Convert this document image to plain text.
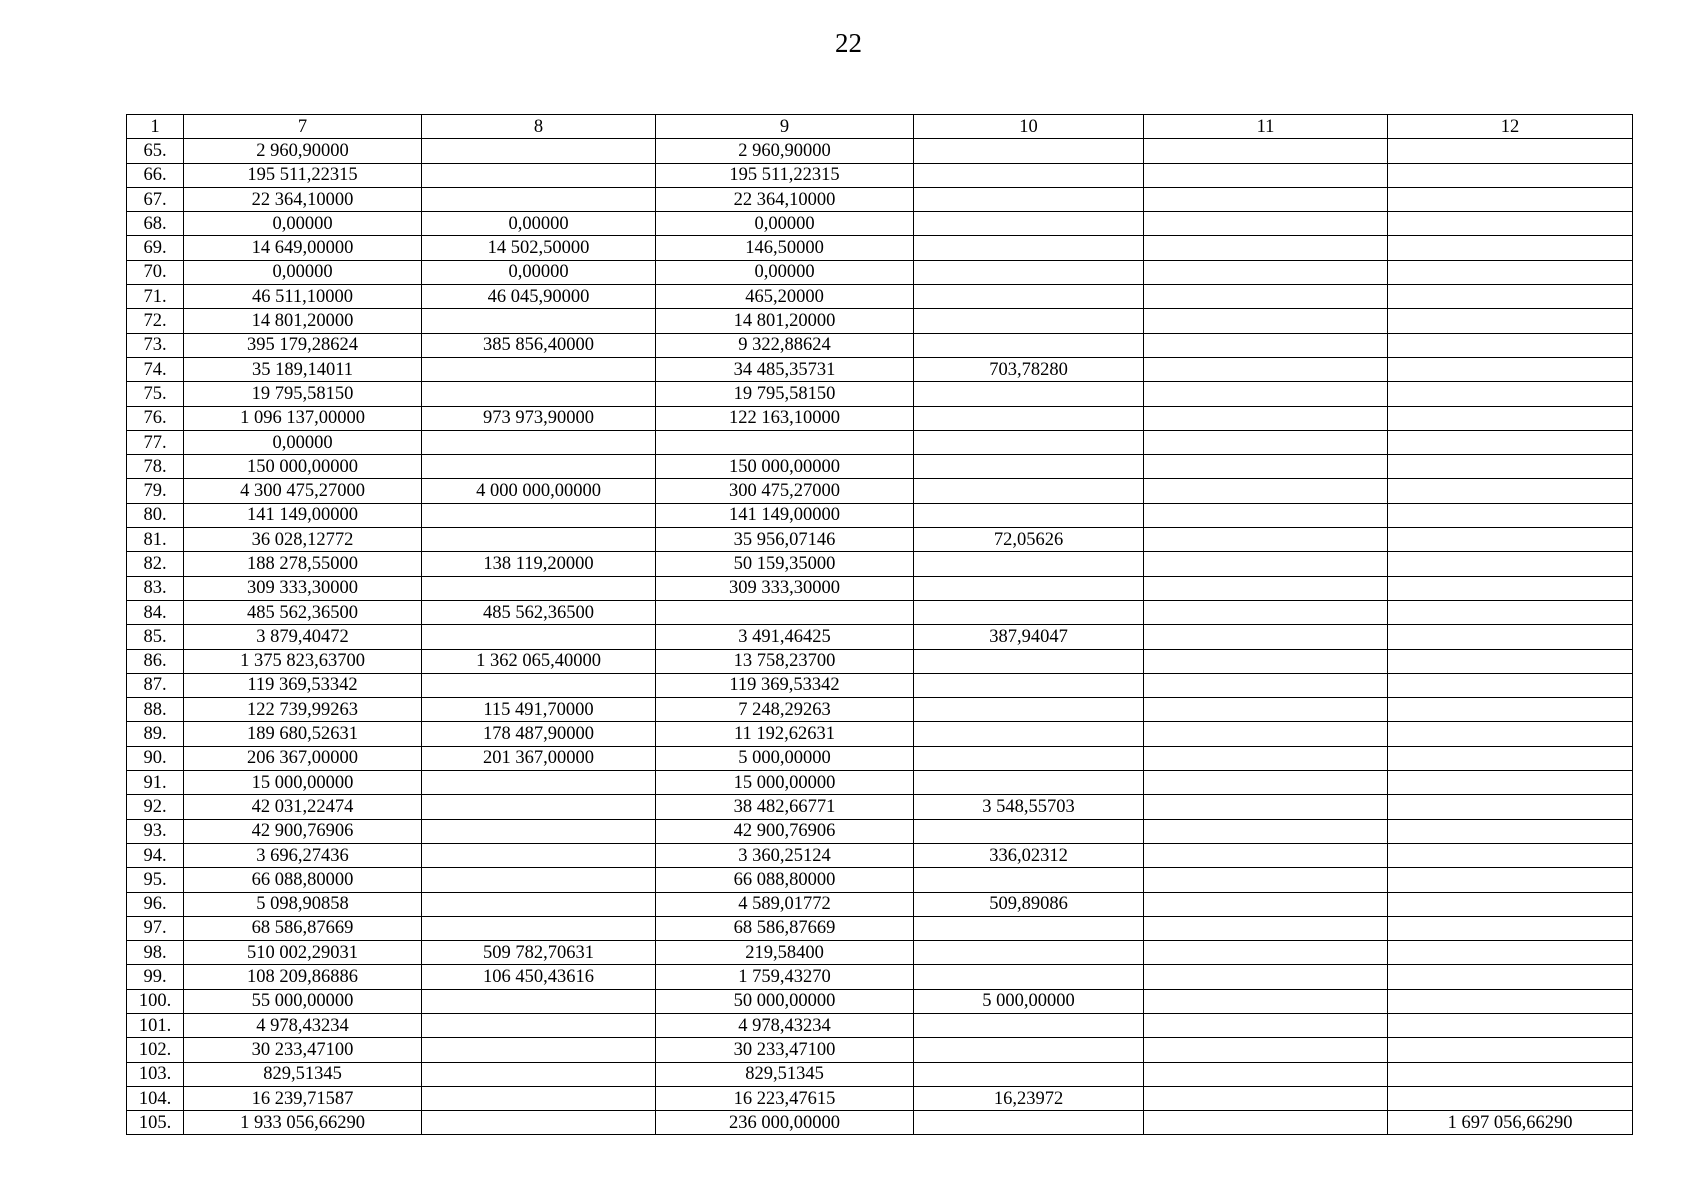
22
1	7	8	9	10	11	12
65.	2 960,90000		2 960,90000			
66.	195 511,22315		195 511,22315			
67.	22 364,10000		22 364,10000			
68.	0,00000	0,00000	0,00000			
69.	14 649,00000	14 502,50000	146,50000			
70.	0,00000	0,00000	0,00000			
71.	46 511,10000	46 045,90000	465,20000			
72.	14 801,20000		14 801,20000			
73.	395 179,28624	385 856,40000	9 322,88624			
74.	35 189,14011		34 485,35731	703,78280		
75.	19 795,58150		19 795,58150			
76.	1 096 137,00000	973 973,90000	122 163,10000			
77.	0,00000					
78.	150 000,00000		150 000,00000			
79.	4 300 475,27000	4 000 000,00000	300 475,27000			
80.	141 149,00000		141 149,00000			
81.	36 028,12772		35 956,07146	72,05626		
82.	188 278,55000	138 119,20000	50 159,35000			
83.	309 333,30000		309 333,30000			
84.	485 562,36500	485 562,36500				
85.	3 879,40472		3 491,46425	387,94047		
86.	1 375 823,63700	1 362 065,40000	13 758,23700			
87.	119 369,53342		119 369,53342			
88.	122 739,99263	115 491,70000	7 248,29263			
89.	189 680,52631	178 487,90000	11 192,62631			
90.	206 367,00000	201 367,00000	5 000,00000			
91.	15 000,00000		15 000,00000			
92.	42 031,22474		38 482,66771	3 548,55703		
93.	42 900,76906		42 900,76906			
94.	3 696,27436		3 360,25124	336,02312		
95.	66 088,80000		66 088,80000			
96.	5 098,90858		4 589,01772	509,89086		
97.	68 586,87669		68 586,87669			
98.	510 002,29031	509 782,70631	219,58400			
99.	108 209,86886	106 450,43616	1 759,43270			
100.	55 000,00000		50 000,00000	5 000,00000		
101.	4 978,43234		4 978,43234			
102.	30 233,47100		30 233,47100			
103.	829,51345		829,51345			
104.	16 239,71587		16 223,47615	16,23972		
105.	1 933 056,66290		236 000,00000			1 697 056,66290
